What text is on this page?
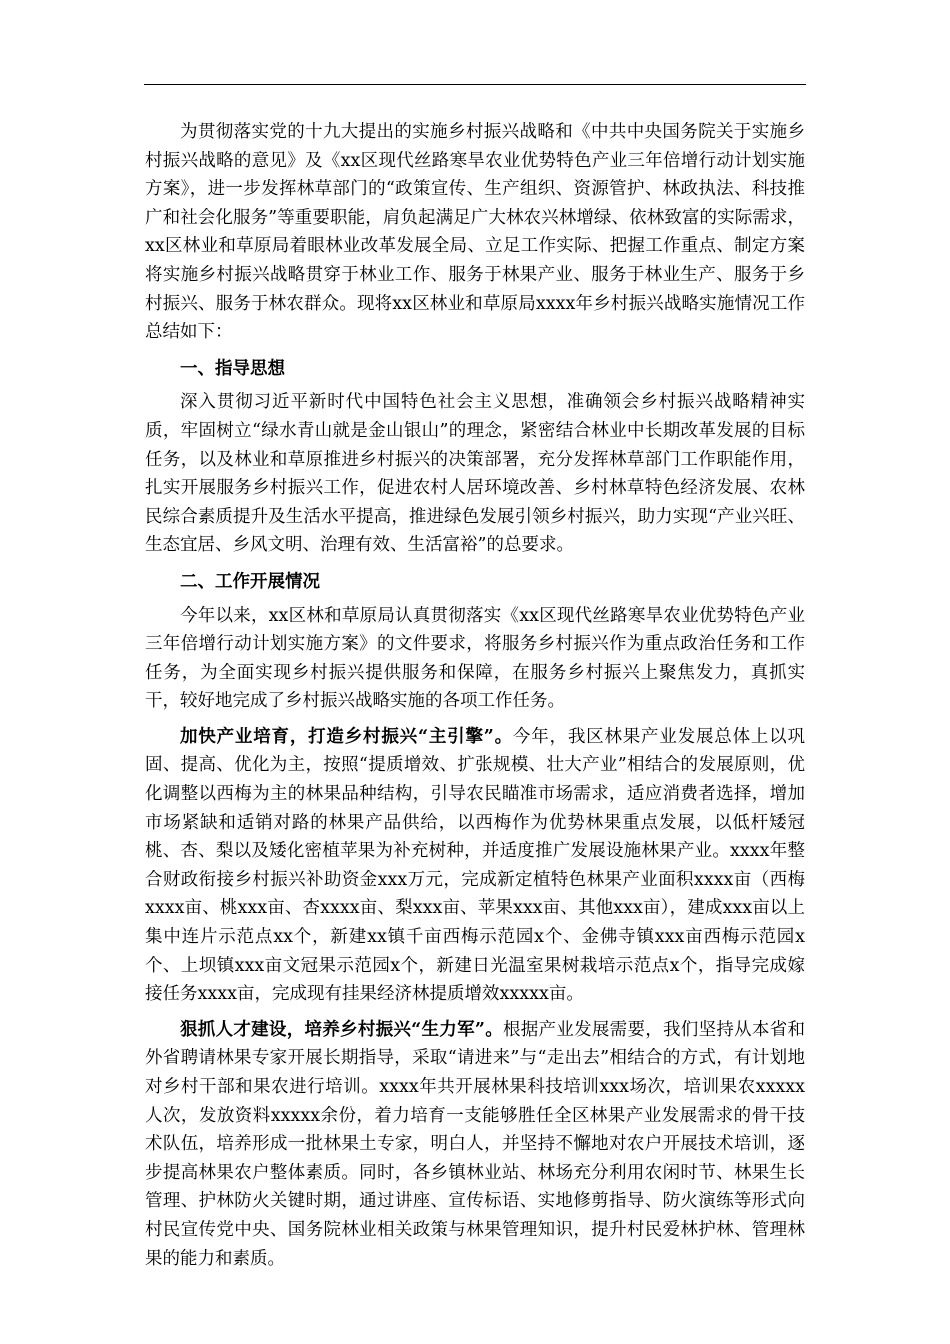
为贯彻落实党的十九大提出的实施乡村振兴战略和《中共中央国务院关于实施乡村振兴战略的意见》及《xx区现代丝路寒旱农业优势特色产业三年倍增行动计划实施方案》，进一步发挥林草部门的“政策宣传、生产组织、资源管护、林政执法、科技推广和社会化服务”等重要职能，肩负起满足广大林农兴林增绿、依林致富的实际需求，xx区林业和草原局着眼林业改革发展全局、立足工作实际、把握工作重点、制定方案将实施乡村振兴战略贯穿于林业工作、服务于林果产业、服务于林业生产、服务于乡村振兴、服务于林农群众。现将xx区林业和草原局xxxx年乡村振兴战略实施情况工作总结如下：

一、指导思想

深入贯彻习近平新时代中国特色社会主义思想，准确领会乡村振兴战略精神实质，牢固树立“绿水青山就是金山银山”的理念，紧密结合林业中长期改革发展的目标任务，以及林业和草原推进乡村振兴的决策部署，充分发挥林草部门工作职能作用，扎实开展服务乡村振兴工作，促进农村人居环境改善、乡村林草特色经济发展、农林民综合素质提升及生活水平提高，推进绿色发展引领乡村振兴，助力实现“产业兴旺、生态宜居、乡风文明、治理有效、生活富裕”的总要求。

二、工作开展情况

今年以来，xx区林和草原局认真贯彻落实《xx区现代丝路寒旱农业优势特色产业三年倍增行动计划实施方案》的文件要求，将服务乡村振兴作为重点政治任务和工作任务，为全面实现乡村振兴提供服务和保障，在服务乡村振兴上聚焦发力，真抓实干，较好地完成了乡村振兴战略实施的各项工作任务。

加快产业培育，打造乡村振兴“主引擎”。今年，我区林果产业发展总体上以巩固、提高、优化为主，按照“提质增效、扩张规模、壮大产业”相结合的发展原则，优化调整以西梅为主的林果品种结构，引导农民瞄准市场需求，适应消费者选择，增加市场紧缺和适销对路的林果产品供给，以西梅作为优势林果重点发展，以低杆矮冠桃、杏、梨以及矮化密植苹果为补充树种，并适度推广发展设施林果产业。xxxx年整合财政衔接乡村振兴补助资金xxx万元，完成新定植特色林果产业面积xxxx亩（西梅xxxx亩、桃xxx亩、杏xxxx亩、梨xxx亩、苹果xxx亩、其他xxx亩），建成xxx亩以上集中连片示范点xx个，新建xx镇千亩西梅示范园x个、金佛寺镇xxx亩西梅示范园x个、上坝镇xxx亩文冠果示范园x个，新建日光温室果树栽培示范点x个，指导完成嫁接任务xxxx亩，完成现有挂果经济林提质增效xxxxx亩。

狠抓人才建设，培养乡村振兴“生力军”。根据产业发展需要，我们坚持从本省和外省聘请林果专家开展长期指导，采取“请进来”与“走出去”相结合的方式，有计划地对乡村干部和果农进行培训。xxxx年共开展林果科技培训xxx场次，培训果农xxxxx人次，发放资料xxxxx余份，着力培育一支能够胜任全区林果产业发展需求的骨干技术队伍，培养形成一批林果土专家，明白人，并坚持不懈地对农户开展技术培训，逐步提高林果农户整体素质。同时，各乡镇林业站、林场充分利用农闲时节、林果生长管理、护林防火关键时期，通过讲座、宣传标语、实地修剪指导、防火演练等形式向村民宣传党中央、国务院林业相关政策与林果管理知识，提升村民爱林护林、管理林果的能力和素质。
